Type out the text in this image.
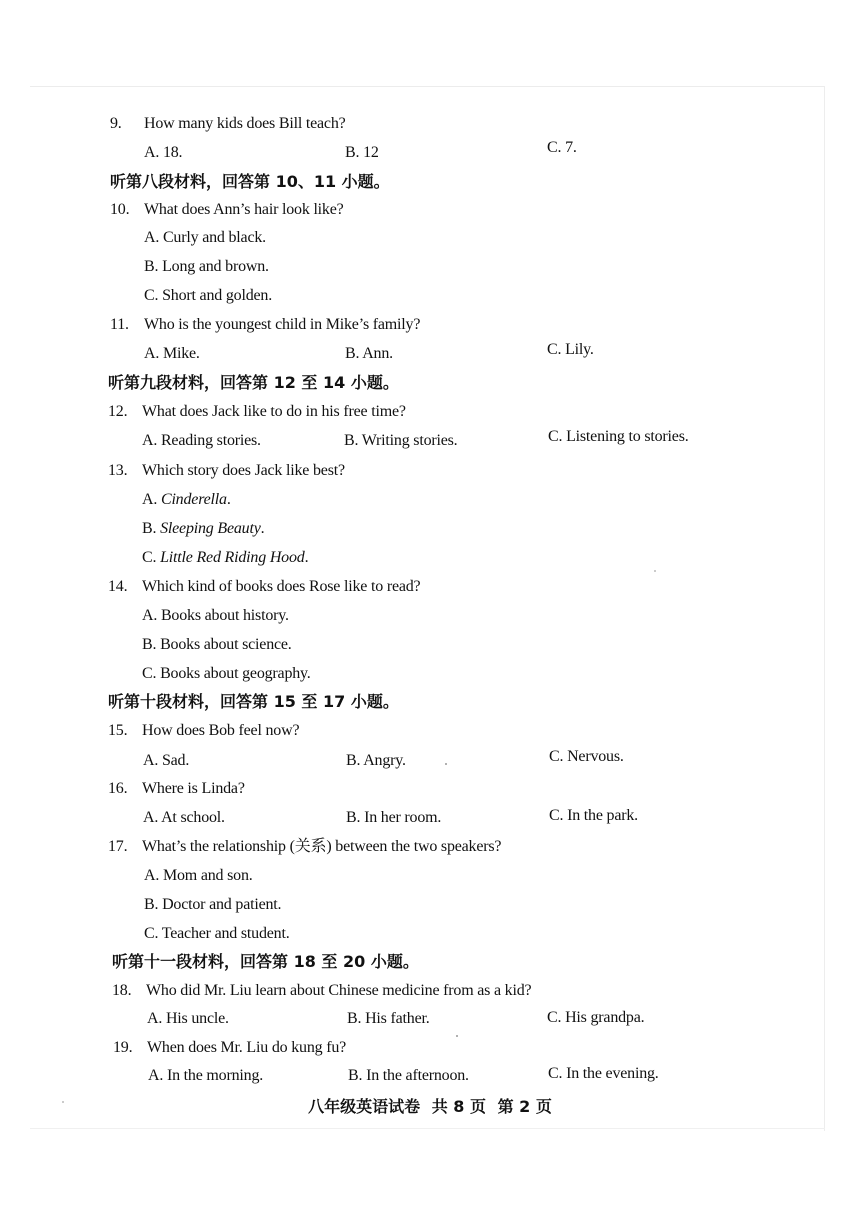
9. How many kids does Bill teach?
A. 18.	B. 12	C. 7.
听第八段材料，回答第 10、11 小题。
10. What does Ann’s hair look like?
A. Curly and black.
B. Long and brown.
C. Short and golden.
11. Who is the youngest child in Mike’s family?
A. Mike.	B. Ann.	C. Lily.
听第九段材料，回答第 12 至 14 小题。
12. What does Jack like to do in his free time?
A. Reading stories.	B. Writing stories.	C. Listening to stories.
13. Which story does Jack like best?
A. Cinderella.
B. Sleeping Beauty.
C. Little Red Riding Hood.
14. Which kind of books does Rose like to read?
A. Books about history.
B. Books about science.
C. Books about geography.
听第十段材料，回答第 15 至 17 小题。
15. How does Bob feel now?
A. Sad.	B. Angry.	C. Nervous.
16. Where is Linda?
A. At school.	B. In her room.	C. In the park.
17. What’s the relationship (关系) between the two speakers?
A. Mom and son.
B. Doctor and patient.
C. Teacher and student.
听第十一段材料，回答第 18 至 20 小题。
18. Who did Mr. Liu learn about Chinese medicine from as a kid?
A. His uncle.	B. His father.	C. His grandpa.
19. When does Mr. Liu do kung fu?
A. In the morning.	B. In the afternoon.	C. In the evening.
八年级英语试卷 共 8 页 第 2 页
